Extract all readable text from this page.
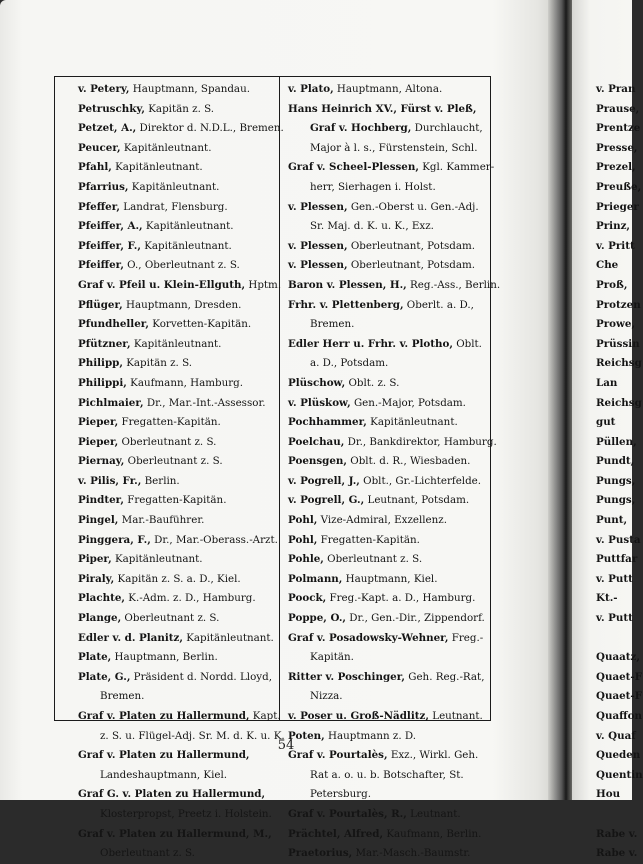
v. Petery, Hauptmann, Spandau.
Petruschky, Kapitän z. S.
Petzet, A., Direktor d. N.D.L., Bremen.
Peucer, Kapitänleutnant.
Pfahl, Kapitänleutnant.
Pfarrius, Kapitänleutnant.
Pfeffer, Landrat, Flensburg.
Pfeiffer, A., Kapitänleutnant.
Pfeiffer, F., Kapitänleutnant.
Pfeiffer, O., Oberleutnant z. S.
Graf v. Pfeil u. Klein-Ellguth, Hptm.
Pflüger, Hauptmann, Dresden.
Pfundheller, Korvetten-Kapitän.
Pfützner, Kapitänleutnant.
Philipp, Kapitän z. S.
Philippi, Kaufmann, Hamburg.
Pichlmaier, Dr., Mar.-Int.-Assessor.
Pieper, Fregatten-Kapitän.
Pieper, Oberleutnant z. S.
Piernay, Oberleutnant z. S.
v. Pilis, Fr., Berlin.
Pindter, Fregatten-Kapitän.
Pingel, Mar.-Bauführer.
Pinggera, F., Dr., Mar.-Oberass.-Arzt.
Piper, Kapitänleutnant.
Piraly, Kapitän z. S. a. D., Kiel.
Plachte, K.-Adm. z. D., Hamburg.
Plange, Oberleutnant z. S.
Edler v. d. Planitz, Kapitänleutnant.
Plate, Hauptmann, Berlin.
Plate, G., Präsident d. Nordd. Lloyd,
Bremen.
Graf v. Platen zu Hallermund, Kapt.
z. S. u. Flügel-Adj. Sr. M. d. K. u. K.
Graf v. Platen zu Hallermund,
Landeshauptmann, Kiel.
Graf G. v. Platen zu Hallermund,
Klosterpropst, Preetz i. Holstein.
Graf v. Platen zu Hallermund, M.,
Oberleutnant z. S.
v. Plato, Hauptmann, Altona.
Hans Heinrich XV., Fürst v. Pleß,
Graf v. Hochberg, Durchlaucht,
Major à l. s., Fürstenstein, Schl.
Graf v. Scheel-Plessen, Kgl. Kammer-
herr, Sierhagen i. Holst.
v. Plessen, Gen.-Oberst u. Gen.-Adj.
Sr. Maj. d. K. u. K., Exz.
v. Plessen, Oberleutnant, Potsdam.
v. Plessen, Oberleutnant, Potsdam.
Baron v. Plessen, H., Reg.-Ass., Berlin.
Frhr. v. Plettenberg, Oberlt. a. D.,
Bremen.
Edler Herr u. Frhr. v. Plotho, Oblt.
a. D., Potsdam.
Plüschow, Oblt. z. S.
v. Plüskow, Gen.-Major, Potsdam.
Pochhammer, Kapitänleutnant.
Poelchau, Dr., Bankdirektor, Hamburg.
Poensgen, Oblt. d. R., Wiesbaden.
v. Pogrell, J., Oblt., Gr.-Lichterfelde.
v. Pogrell, G., Leutnant, Potsdam.
Pohl, Vize-Admiral, Exzellenz.
Pohl, Fregatten-Kapitän.
Pohle, Oberleutnant z. S.
Polmann, Hauptmann, Kiel.
Poock, Freg.-Kapt. a. D., Hamburg.
Poppe, O., Dr., Gen.-Dir., Zippendorf.
Graf v. Posadowsky-Wehner, Freg.-
Kapitän.
Ritter v. Poschinger, Geh. Reg.-Rat,
Nizza.
v. Poser u. Groß-Nädlitz, Leutnant.
Poten, Hauptmann z. D.
Graf v. Pourtalès, Exz., Wirkl. Geh.
Rat a. o. u. b. Botschafter, St.
Petersburg.
Graf v. Pourtalès, R., Leutnant.
Prächtel, Alfred, Kaufmann, Berlin.
Praetorius, Mar.-Masch.-Baumstr.
v. Pran
Prause,
Prentze
Presse,
Prezel,
Preuße,
Prieger
Prinz,
v. Pritt
Che
Proß,
Protzen
Prowe,
Prüssin
Reichsg
Lan
Reichsg
gut
Püllen,
Pundt,
Pungs,
Pungs,
Punt,
v. Pusta
Puttfar
v. Putt
Kt.-
v. Putt
Quaatz,
Quaet-F
Quaet-F
Quaffon
v. Quaf
Queden
Quentin
Hou
Rabe v.
Rabe v.
54
